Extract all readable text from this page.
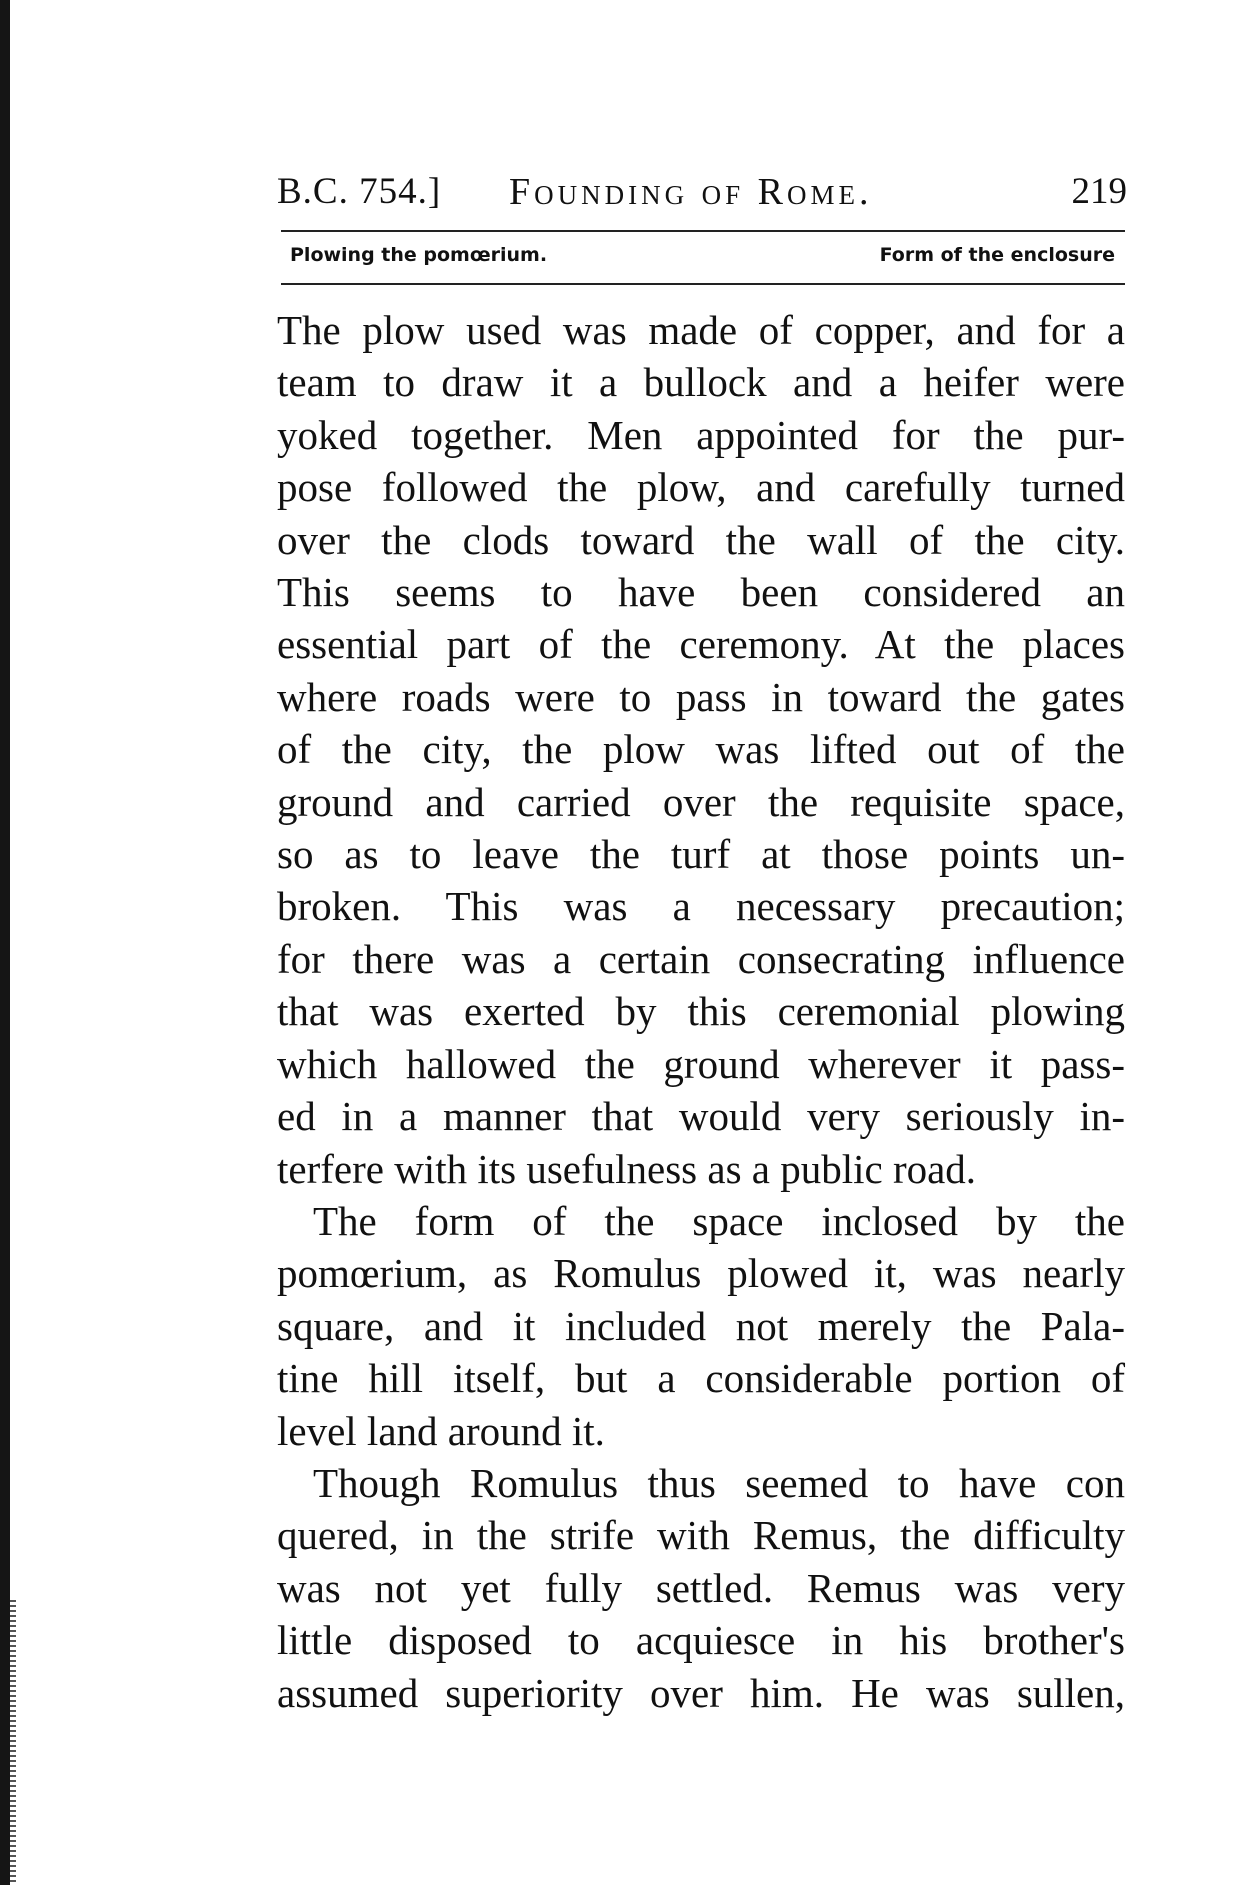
B.C. 754.] Founding of Rome.	219
Plowing the pomœrium.	Form of the enclosure
The plow used was made of copper, and for a
team to draw it a bullock and a heifer were
yoked together. Men appointed for the pur-
pose followed the plow, and carefully turned
over the clods toward the wall of the city.
This seems to have been considered an
essential part of the ceremony. At the places
where roads were to pass in toward the gates
of the city, the plow was lifted out of the
ground and carried over the requisite space,
so as to leave the turf at those points un-
broken. This was a necessary precaution;
for there was a certain consecrating influence
that was exerted by this ceremonial plowing
which hallowed the ground wherever it pass-
ed in a manner that would very seriously in-
terfere with its usefulness as a public road.
The form of the space inclosed by the
pomœrium, as Romulus plowed it, was nearly
square, and it included not merely the Pala-
tine hill itself, but a considerable portion of
level land around it.
Though Romulus thus seemed to have con
quered, in the strife with Remus, the difficulty
was not yet fully settled. Remus was very
little disposed to acquiesce in his brother's
assumed superiority over him. He was sullen,
